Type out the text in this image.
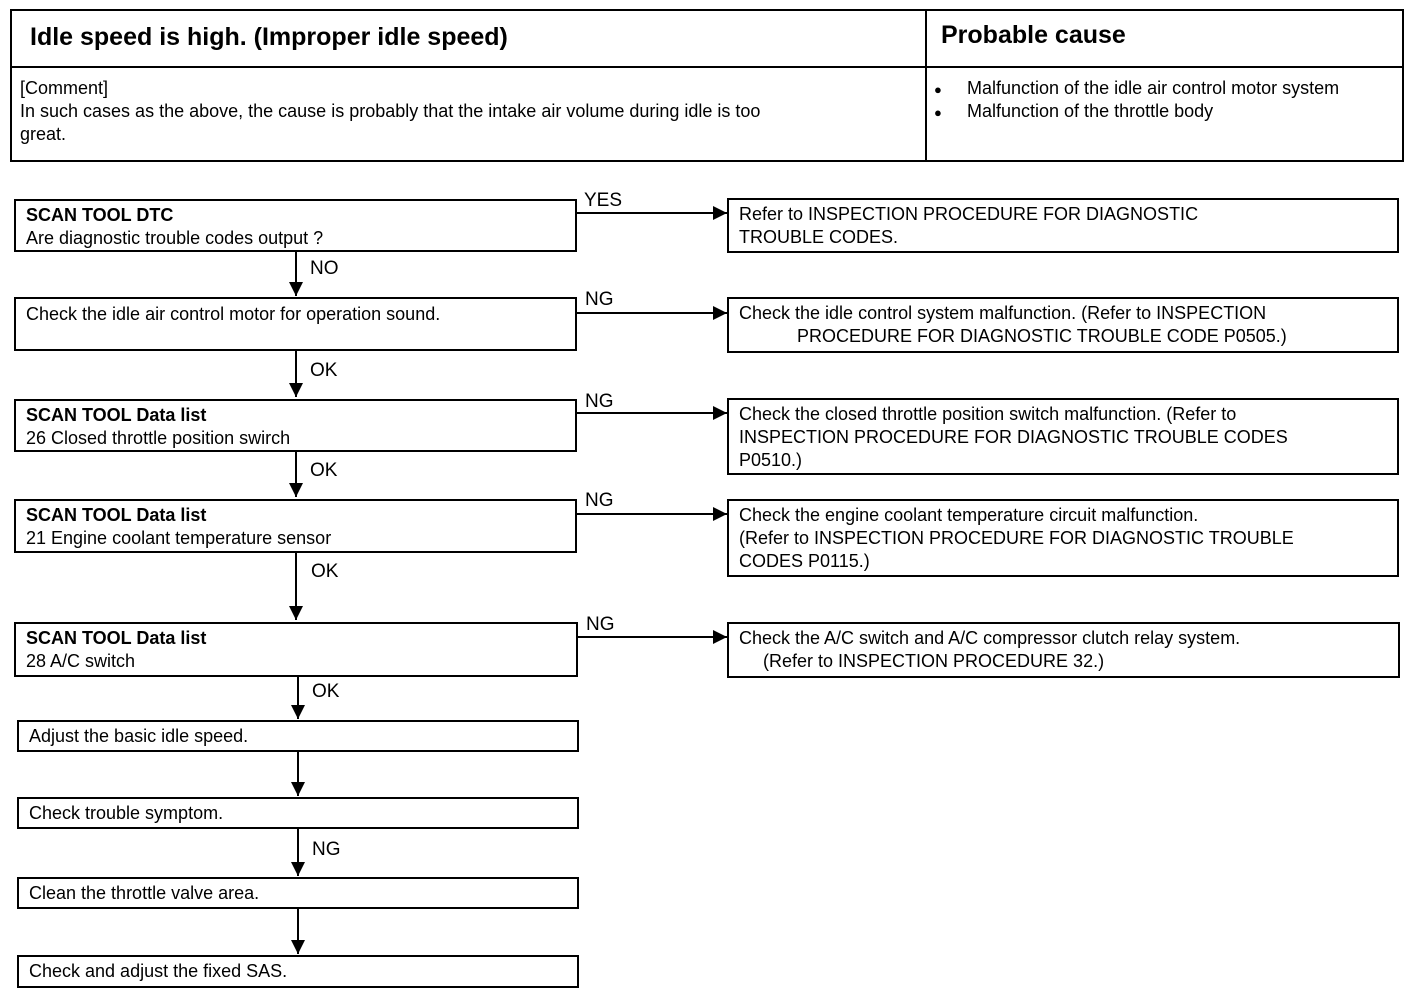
Idle speed is high. (Improper idle speed)	Probable cause
[Comment]
In such cases as the above, the cause is probably that the intake air volume during idle is too
great.
● Malfunction of the idle air control motor system
● Malfunction of the throttle body
SCAN TOOL DTC
Are diagnostic trouble codes output ?
Check the idle air control motor for operation sound.
SCAN TOOL Data list
26 Closed throttle position swirch
SCAN TOOL Data list
21 Engine coolant temperature sensor
SCAN TOOL Data list
28 A/C switch
Adjust the basic idle speed.
Check trouble symptom.
Clean the throttle valve area.
Check and adjust the fixed SAS.
Refer to INSPECTION PROCEDURE FOR DIAGNOSTIC
TROUBLE CODES.
Check the idle control system malfunction. (Refer to INSPECTION
PROCEDURE FOR DIAGNOSTIC TROUBLE CODE P0505.)
Check the closed throttle position switch malfunction. (Refer to
INSPECTION PROCEDURE FOR DIAGNOSTIC TROUBLE CODES
P0510.)
Check the engine coolant temperature circuit malfunction.
(Refer to INSPECTION PROCEDURE FOR DIAGNOSTIC TROUBLE
CODES P0115.)
Check the A/C switch and A/C compressor clutch relay system.
(Refer to INSPECTION PROCEDURE 32.)
YES
NG
NG
NG
NG
NO
OK
OK
OK
OK
NG
